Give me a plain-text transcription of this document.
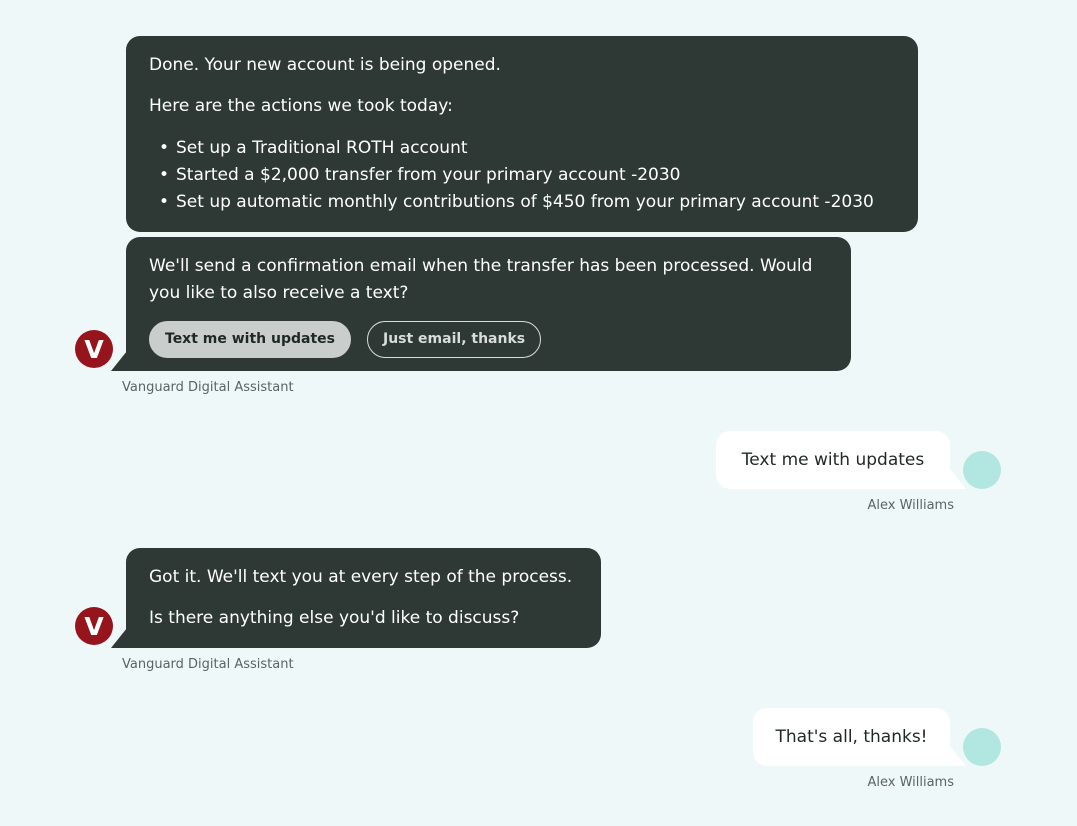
Done. Your new account is being opened.

Here are the actions we took today:

• Set up a Traditional ROTH account
• Started a $2,000 transfer from your primary account -2030
• Set up automatic monthly contributions of $450 from your primary account -2030

We'll send a confirmation email when the transfer has been processed. Would you like to also receive a text?

Text me with updates	Just email, thanks
V
Vanguard Digital Assistant
Text me with updates
Alex Williams

Got it. We'll text you at every step of the process.

Is there anything else you'd like to discuss?

V
Vanguard Digital Assistant
That's all, thanks!
Alex Williams
